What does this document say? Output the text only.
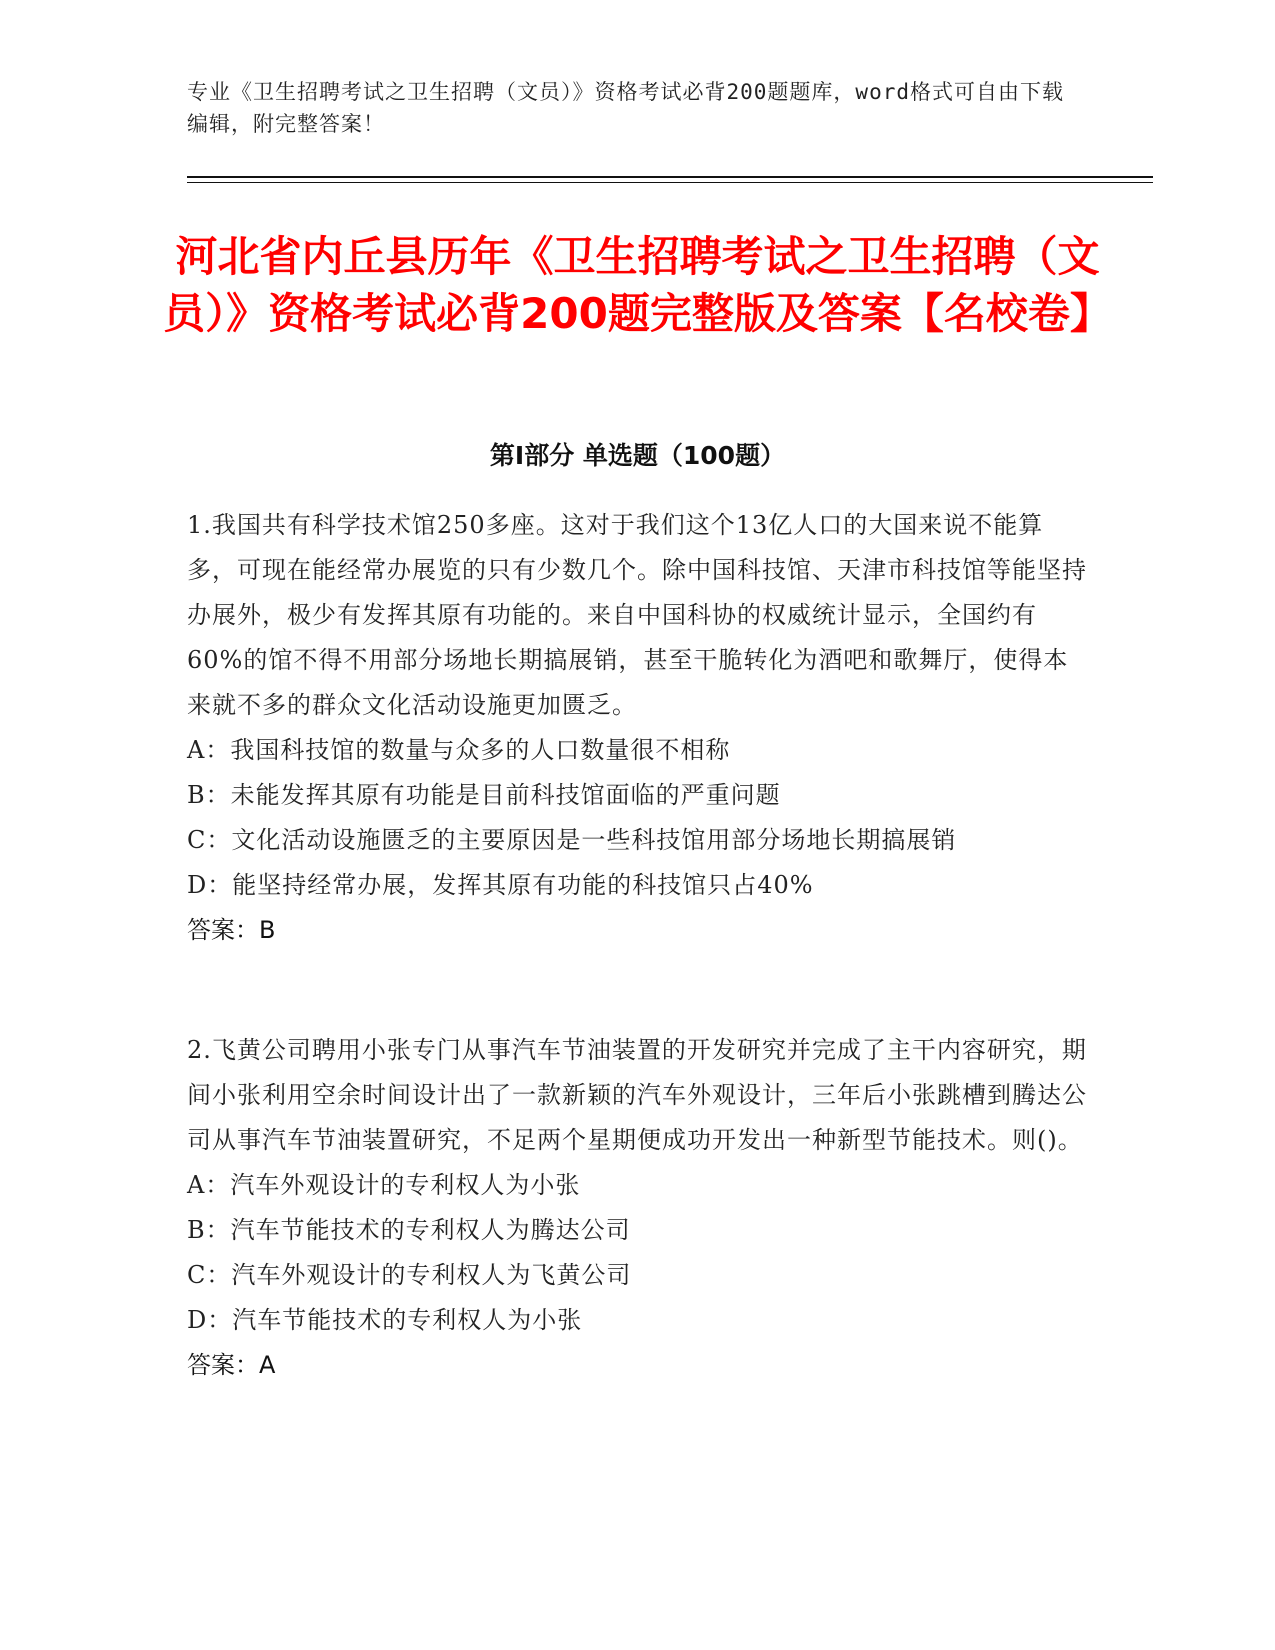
专业《卫生招聘考试之卫生招聘（文员）》资格考试必背200题题库，word格式可自由下载编辑，附完整答案！
河北省内丘县历年《卫生招聘考试之卫生招聘（文员）》资格考试必背200题完整版及答案【名校卷】
第I部分 单选题（100题）

1.我国共有科学技术馆250多座。这对于我们这个13亿人口的大国来说不能算多，可现在能经常办展览的只有少数几个。除中国科技馆、天津市科技馆等能坚持办展外，极少有发挥其原有功能的。来自中国科协的权威统计显示，全国约有60%的馆不得不用部分场地长期搞展销，甚至干脆转化为酒吧和歌舞厅，使得本来就不多的群众文化活动设施更加匮乏。

A：我国科技馆的数量与众多的人口数量很不相称

B：未能发挥其原有功能是目前科技馆面临的严重问题

C：文化活动设施匮乏的主要原因是一些科技馆用部分场地长期搞展销

D：能坚持经常办展，发挥其原有功能的科技馆只占40%

答案：B

2.飞黄公司聘用小张专门从事汽车节油装置的开发研究并完成了主干内容研究，期间小张利用空余时间设计出了一款新颖的汽车外观设计，三年后小张跳槽到腾达公司从事汽车节油装置研究，不足两个星期便成功开发出一种新型节能技术。则()。

A：汽车外观设计的专利权人为小张

B：汽车节能技术的专利权人为腾达公司

C：汽车外观设计的专利权人为飞黄公司

D：汽车节能技术的专利权人为小张

答案：A
